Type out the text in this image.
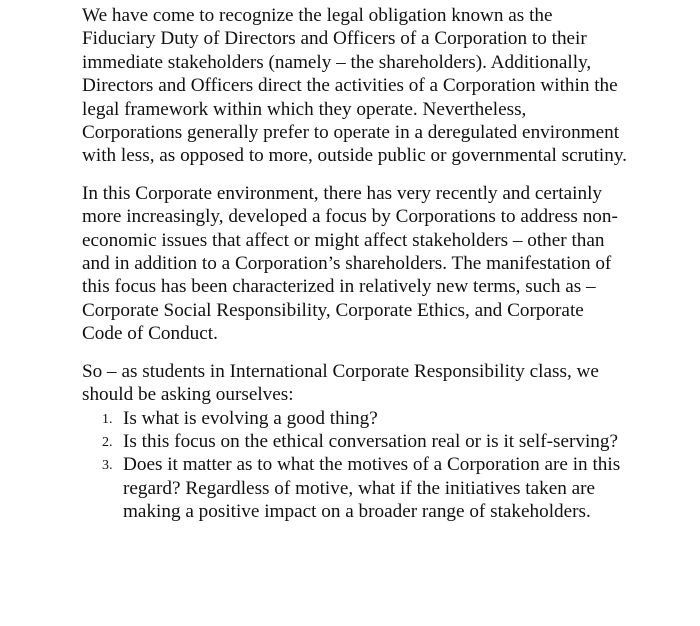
We have come to recognize the legal obligation known as the Fiduciary Duty of Directors and Officers of a Corporation to their immediate stakeholders (namely – the shareholders). Additionally, Directors and Officers direct the activities of a Corporation within the legal framework within which they operate. Nevertheless, Corporations generally prefer to operate in a deregulated environment with less, as opposed to more, outside public or governmental scrutiny.

In this Corporate environment, there has very recently and certainly more increasingly, developed a focus by Corporations to address non-economic issues that affect or might affect stakeholders – other than and in addition to a Corporation’s shareholders. The manifestation of this focus has been characterized in relatively new terms, such as – Corporate Social Responsibility, Corporate Ethics, and Corporate Code of Conduct.

So – as students in International Corporate Responsibility class, we should be asking ourselves:

1. Is what is evolving a good thing?
2. Is this focus on the ethical conversation real or is it self-serving?
3. Does it matter as to what the motives of a Corporation are in this regard? Regardless of motive, what if the initiatives taken are making a positive impact on a broader range of stakeholders.
